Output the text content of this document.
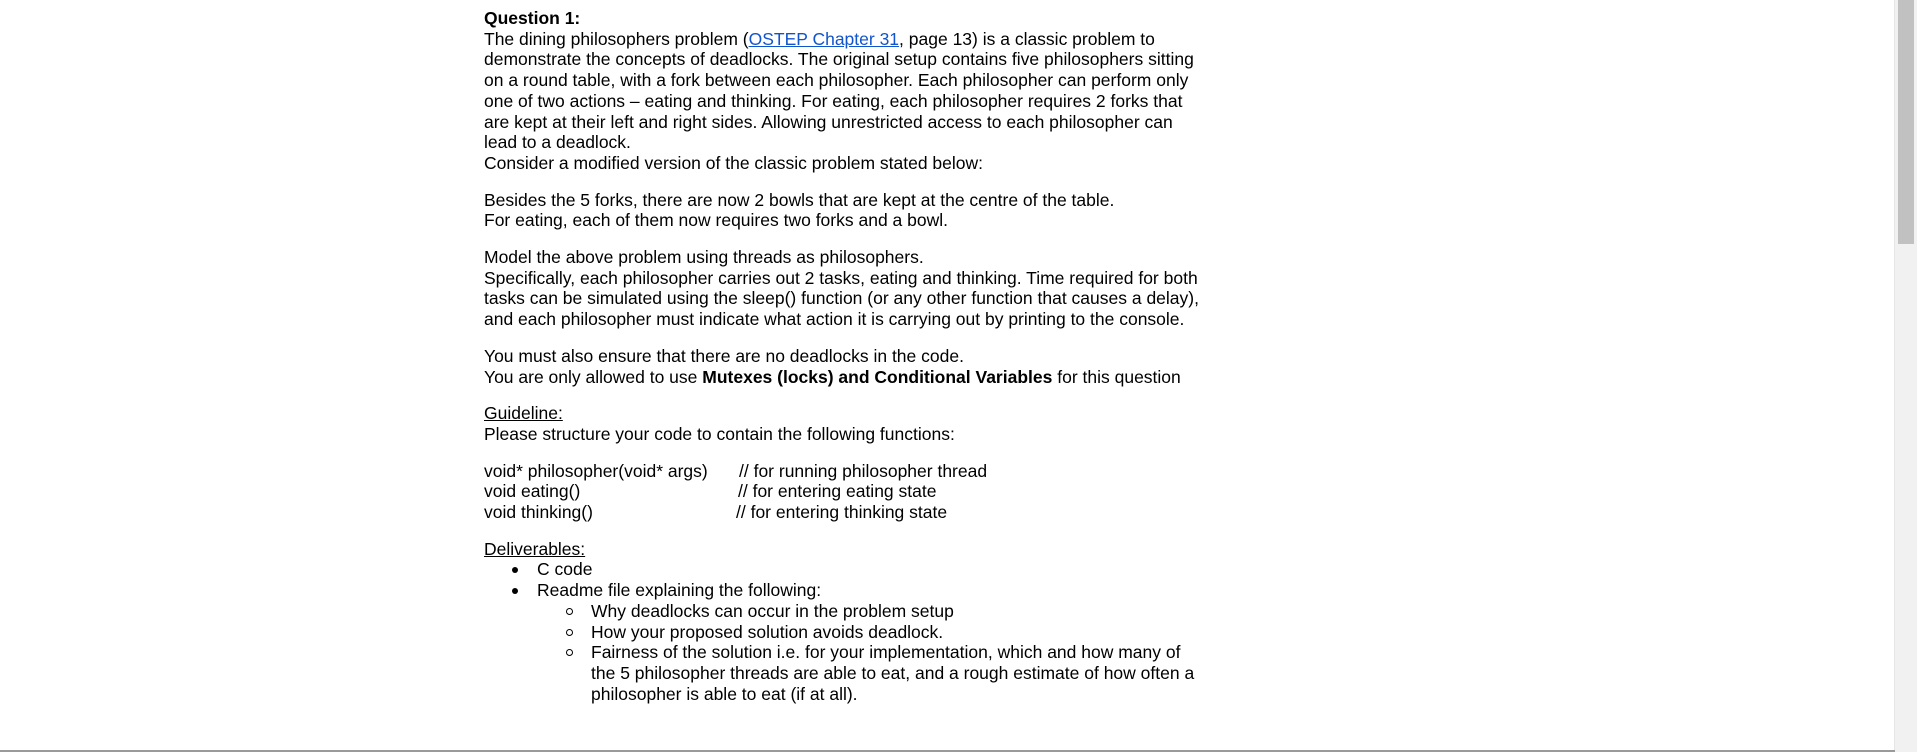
Question 1:

The dining philosophers problem (OSTEP Chapter 31, page 13) is a classic problem to demonstrate the concepts of deadlocks. The original setup contains five philosophers sitting on a round table, with a fork between each philosopher. Each philosopher can perform only one of two actions – eating and thinking. For eating, each philosopher requires 2 forks that are kept at their left and right sides. Allowing unrestricted access to each philosopher can lead to a deadlock.

Consider a modified version of the classic problem stated below:

Besides the 5 forks, there are now 2 bowls that are kept at the centre of the table.

For eating, each of them now requires two forks and a bowl.

Model the above problem using threads as philosophers.

Specifically, each philosopher carries out 2 tasks, eating and thinking. Time required for both tasks can be simulated using the sleep() function (or any other function that causes a delay), and each philosopher must indicate what action it is carrying out by printing to the console.

You must also ensure that there are no deadlocks in the code.

You are only allowed to use Mutexes (locks) and Conditional Variables for this question

Guideline:

Please structure your code to contain the following functions:

void* philosopher(void* args)	// for running philosopher thread
void eating()	// for entering eating state
void thinking()	// for entering thinking state

Deliverables:

C code
Readme file explaining the following:
Why deadlocks can occur in the problem setup
How your proposed solution avoids deadlock.
Fairness of the solution i.e. for your implementation, which and how many of the 5 philosopher threads are able to eat, and a rough estimate of how often a philosopher is able to eat (if at all).
